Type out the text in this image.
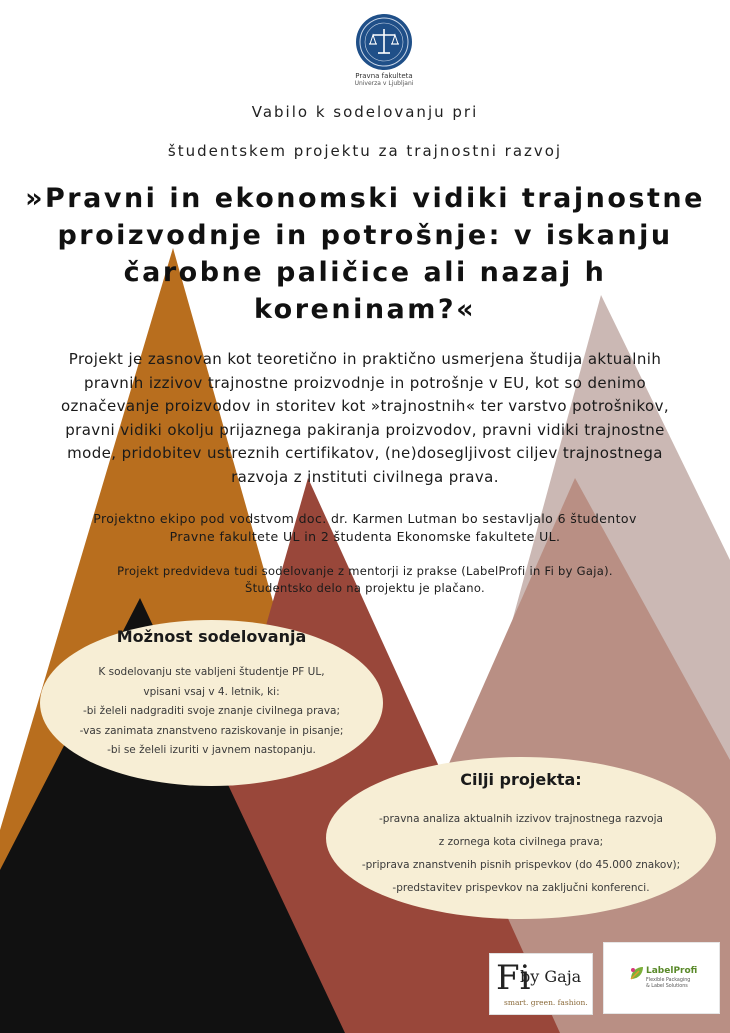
Pravna fakulteta
Univerza v Ljubljani
Vabilo k sodelovanju pri
študentskem projektu za trajnostni razvoj
»Pravni in ekonomski vidiki trajnostne
proizvodnje in potrošnje: v iskanju
čarobne paličice ali nazaj h
koreninam?«
Projekt je zasnovan kot teoretično in praktično usmerjena študija aktualnih
pravnih izzivov trajnostne proizvodnje in potrošnje v EU, kot so denimo
označevanje proizvodov in storitev kot »trajnostnih« ter varstvo potrošnikov,
pravni vidiki okolju prijaznega pakiranja proizvodov, pravni vidiki trajnostne
mode, pridobitev ustreznih certifikatov, (ne)dosegljivost ciljev trajnostnega
razvoja z instituti civilnega prava.
Projektno ekipo pod vodstvom doc. dr. Karmen Lutman bo sestavljalo 6 študentov
Pravne fakultete UL in 2 študenta Ekonomske fakultete UL.
Projekt predvideva tudi sodelovanje z mentorji iz prakse (LabelProfi in Fi by Gaja).
Študentsko delo na projektu je plačano.
Možnost sodelovanja
K sodelovanju ste vabljeni študentje PF UL,
vpisani vsaj v 4. letnik, ki:
-bi želeli nadgraditi svoje znanje civilnega prava;
-vas zanimata znanstveno raziskovanje in pisanje;
-bi se želeli izuriti v javnem nastopanju.
Cilji projekta:
-pravna analiza aktualnih izzivov trajnostnega razvoja
z zornega kota civilnega prava;
-priprava znanstvenih pisnih prispevkov (do 45.000 znakov);
-predstavitev prispevkov na zaključni konferenci.
Fi
by Gaja
smart. green. fashion.
LabelProfi
Flexible Packaging
& Label Solutions
